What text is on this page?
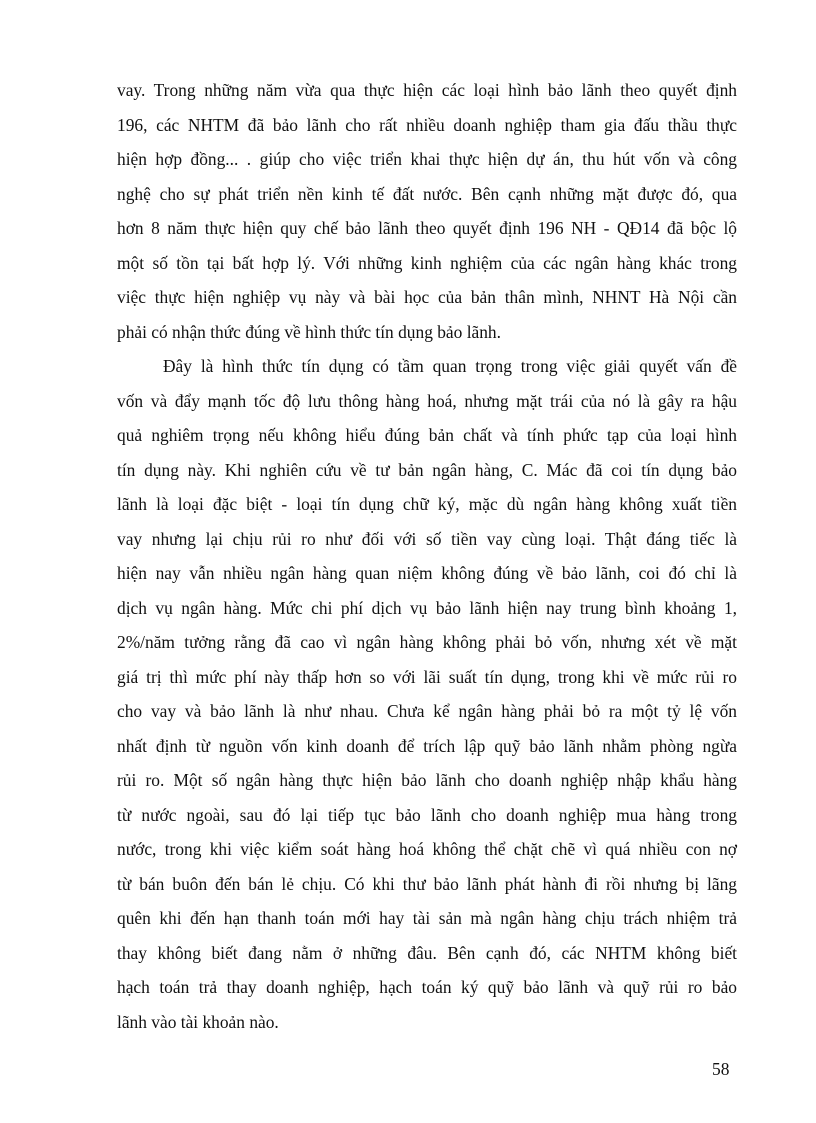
vay. Trong những năm vừa qua thực hiện các loại hình bảo lãnh theo quyết định
196, các NHTM đã bảo lãnh cho rất nhiều doanh nghiệp tham gia đấu thầu thực
hiện hợp đồng... . giúp cho việc triển khai thực hiện dự án, thu hút vốn và công
nghệ cho sự phát triển nền kinh tế đất nước. Bên cạnh những mặt được đó, qua
hơn 8 năm thực hiện quy chế bảo lãnh theo quyết định 196 NH - QĐ14 đã bộc lộ
một số tồn tại bất hợp lý. Với những kinh nghiệm của các ngân hàng khác trong
việc thực hiện nghiệp vụ này và bài học của bản thân mình, NHNT Hà Nội cần
phải có nhận thức đúng về hình thức tín dụng bảo lãnh.
Đây là hình thức tín dụng có tầm quan trọng trong việc giải quyết vấn đề
vốn và đẩy mạnh tốc độ lưu thông hàng hoá, nhưng mặt trái của nó là gây ra hậu
quả nghiêm trọng nếu không hiểu đúng bản chất và tính phức tạp của loại hình
tín dụng này. Khi nghiên cứu về tư bản ngân hàng, C. Mác đã coi tín dụng bảo
lãnh là loại đặc biệt - loại tín dụng chữ ký, mặc dù ngân hàng không xuất tiền
vay nhưng lại chịu rủi ro như đối với số tiền vay cùng loại. Thật đáng tiếc là
hiện nay vẫn nhiều ngân hàng quan niệm không đúng về bảo lãnh, coi đó chỉ là
dịch vụ ngân hàng. Mức chi phí dịch vụ bảo lãnh hiện nay trung bình khoảng 1,
2%/năm tưởng rằng đã cao vì ngân hàng không phải bỏ vốn, nhưng xét về mặt
giá trị thì mức phí này thấp hơn so với lãi suất tín dụng, trong khi về mức rủi ro
cho vay và bảo lãnh là như nhau. Chưa kể ngân hàng phải bỏ ra một tỷ lệ vốn
nhất định từ nguồn vốn kinh doanh để trích lập quỹ bảo lãnh nhằm phòng ngừa
rủi ro. Một số ngân hàng thực hiện bảo lãnh cho doanh nghiệp nhập khẩu hàng
từ nước ngoài, sau đó lại tiếp tục bảo lãnh cho doanh nghiệp mua hàng trong
nước, trong khi việc kiểm soát hàng hoá không thể chặt chẽ vì quá nhiều con nợ
từ bán buôn đến bán lẻ chịu. Có khi thư bảo lãnh phát hành đi rồi nhưng bị lãng
quên khi đến hạn thanh toán mới hay tài sản mà ngân hàng chịu trách nhiệm trả
thay không biết đang nằm ở những đâu. Bên cạnh đó, các NHTM không biết
hạch toán trả thay doanh nghiệp, hạch toán ký quỹ bảo lãnh và quỹ rủi ro bảo
lãnh vào tài khoản nào.
58
